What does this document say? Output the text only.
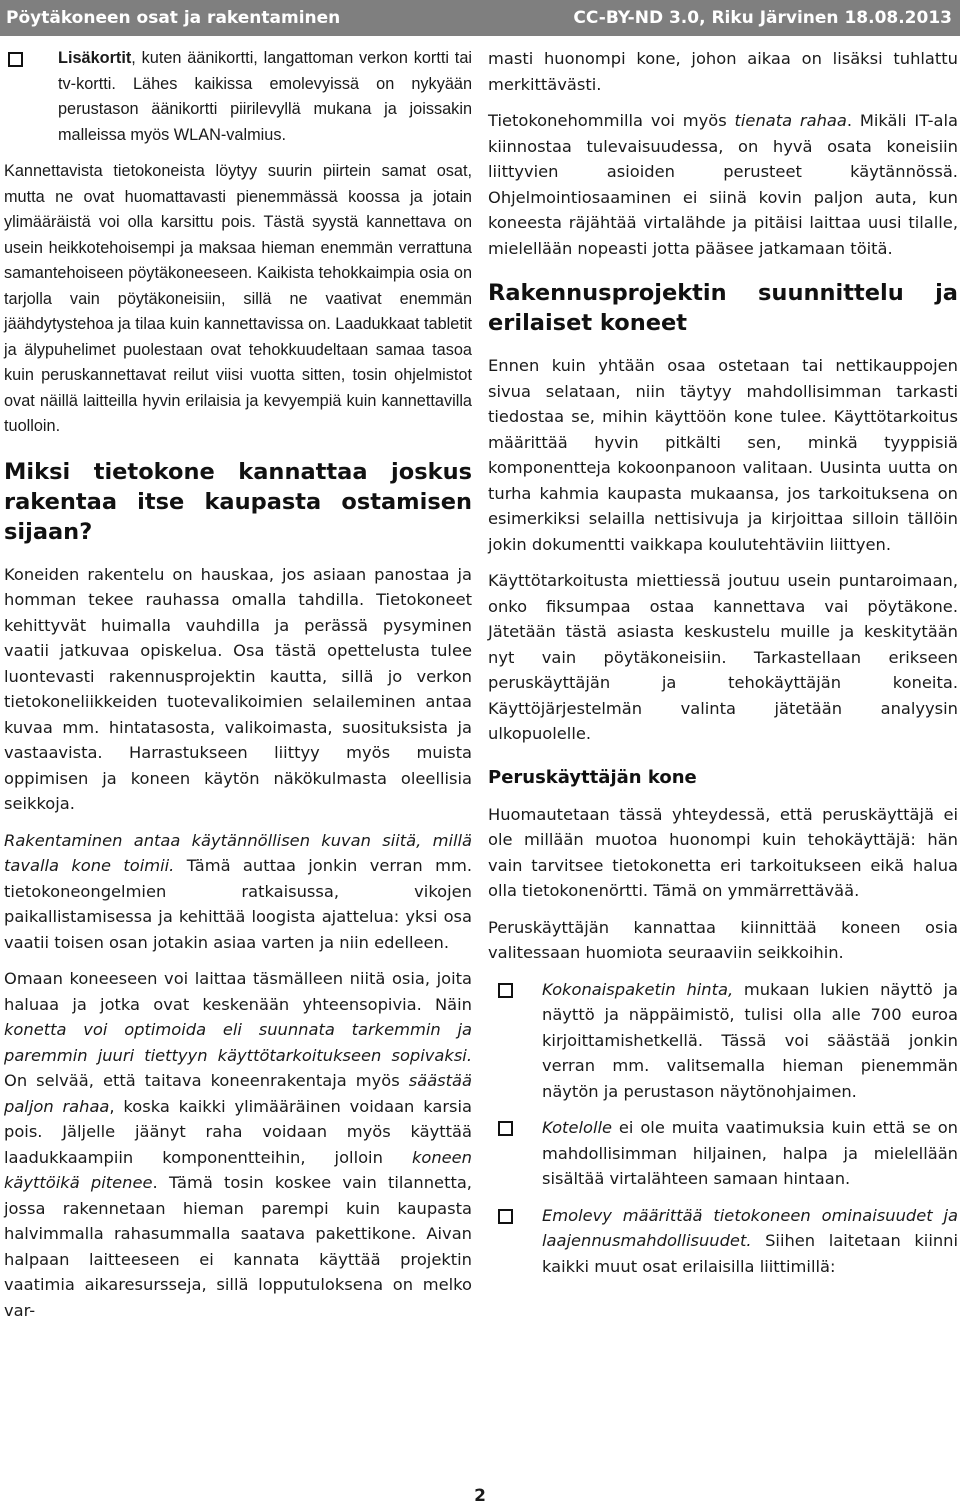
Pöytäkoneen osat ja rakentaminen	CC-BY-ND 3.0, Riku Järvinen 18.08.2013

Lisäkortit, kuten äänikortti, langattoman verkon kortti tai tv-kortti. Lähes kaikissa emolevyissä on nykyään perustason äänikortti piirilevyllä mukana ja joissakin malleissa myös WLAN-valmius.

Kannettavista tietokoneista löytyy suurin piirtein samat osat, mutta ne ovat huomattavasti pienemmässä koossa ja jotain ylimääräistä voi olla karsittu pois. Tästä syystä kannettava on usein heikkotehoisempi ja maksaa hieman enemmän verrattuna samantehoiseen pöytäkoneeseen. Kaikista tehokkaimpia osia on tarjolla vain pöytäkoneisiin, sillä ne vaativat enemmän jäähdytystehoa ja tilaa kuin kannettavissa on. Laadukkaat tabletit ja älypuhelimet puolestaan ovat tehokkuudeltaan samaa tasoa kuin peruskannettavat reilut viisi vuotta sitten, tosin ohjelmistot ovat näillä laitteilla hyvin erilaisia ja kevyempiä kuin kannettavilla tuolloin.

Miksi tietokone kannattaa joskus rakentaa itse kaupasta ostamisen sijaan?

Koneiden rakentelu on hauskaa, jos asiaan panostaa ja homman tekee rauhassa omalla tahdilla. Tietokoneet kehittyvät huimalla vauhdilla ja perässä pysyminen vaatii jatkuvaa opiskelua. Osa tästä opettelusta tulee luontevasti rakennusprojektin kautta, sillä jo verkon tietokoneliikkeiden tuotevalikoimien selaileminen antaa kuvaa mm. hintatasosta, valikoimasta, suosituksista ja vastaavista. Harrastukseen liittyy myös muista oppimisen ja koneen käytön näkökulmasta oleellisia seikkoja.

Rakentaminen antaa käytännöllisen kuvan siitä, millä tavalla kone toimii. Tämä auttaa jonkin verran mm. tietokoneongelmien ratkaisussa, vikojen paikallistamisessa ja kehittää loogista ajattelua: yksi osa vaatii toisen osan jotakin asiaa varten ja niin edelleen.

Omaan koneeseen voi laittaa täsmälleen niitä osia, joita haluaa ja jotka ovat keskenään yhteensopivia. Näin konetta voi optimoida eli suunnata tarkemmin ja paremmin juuri tiettyyn käyttötarkoitukseen sopivaksi. On selvää, että taitava koneenrakentaja myös säästää paljon rahaa, koska kaikki ylimääräinen voidaan karsia pois. Jäljelle jäänyt raha voidaan myös käyttää laadukkaampiin komponentteihin, jolloin koneen käyttöikä pitenee. Tämä tosin koskee vain tilannetta, jossa rakennetaan hieman parempi kuin kaupasta halvimmalla rahasummalla saatava pakettikone. Aivan halpaan laitteeseen ei kannata käyttää projektin vaatimia aikaresursseja, sillä lopputuloksena on melko var-

masti huonompi kone, johon aikaa on lisäksi tuhlattu merkittävästi.

Tietokonehommilla voi myös tienata rahaa. Mikäli IT-ala kiinnostaa tulevaisuudessa, on hyvä osata koneisiin liittyvien asioiden perusteet käytännössä. Ohjelmointiosaaminen ei siinä kovin paljon auta, kun koneesta räjähtää virtalähde ja pitäisi laittaa uusi tilalle, mielellään nopeasti jotta pääsee jatkamaan töitä.

Rakennusprojektin suunnittelu ja erilaiset koneet

Ennen kuin yhtään osaa ostetaan tai nettikauppojen sivua selataan, niin täytyy mahdollisimman tarkasti tiedostaa se, mihin käyttöön kone tulee. Käyttötarkoitus määrittää hyvin pitkälti sen, minkä tyyppisiä komponentteja kokoonpanoon valitaan. Uusinta uutta on turha kahmia kaupasta mukaansa, jos tarkoituksena on esimerkiksi selailla nettisivuja ja kirjoittaa silloin tällöin jokin dokumentti vaikkapa koulutehtäviin liittyen.

Käyttötarkoitusta miettiessä joutuu usein puntaroimaan, onko fiksumpaa ostaa kannettava vai pöytäkone. Jätetään tästä asiasta keskustelu muille ja keskitytään nyt vain pöytäkoneisiin. Tarkastellaan erikseen peruskäyttäjän ja tehokäyttäjän koneita. Käyttöjärjestelmän valinta jätetään analyysin ulkopuolelle.

Peruskäyttäjän kone

Huomautetaan tässä yhteydessä, että peruskäyttäjä ei ole millään muotoa huonompi kuin tehokäyttäjä: hän vain tarvitsee tietokonetta eri tarkoitukseen eikä halua olla tietokonenörtti. Tämä on ymmärrettävää.

Peruskäyttäjän kannattaa kiinnittää koneen osia valitessaan huomiota seuraaviin seikkoihin.

Kokonaispaketin hinta, mukaan lukien näyttö ja näyttö ja näppäimistö, tulisi olla alle 700 euroa kirjoittamishetkellä. Tässä voi säästää jonkin verran mm. valitsemalla hieman pienemmän näytön ja perustason näytönohjaimen.

Kotelolle ei ole muita vaatimuksia kuin että se on mahdollisimman hiljainen, halpa ja mielellään sisältää virtalähteen samaan hintaan.

Emolevy määrittää tietokoneen ominaisuudet ja laajennusmahdollisuudet. Siihen laitetaan kiinni kaikki muut osat erilaisilla liittimillä:

2
